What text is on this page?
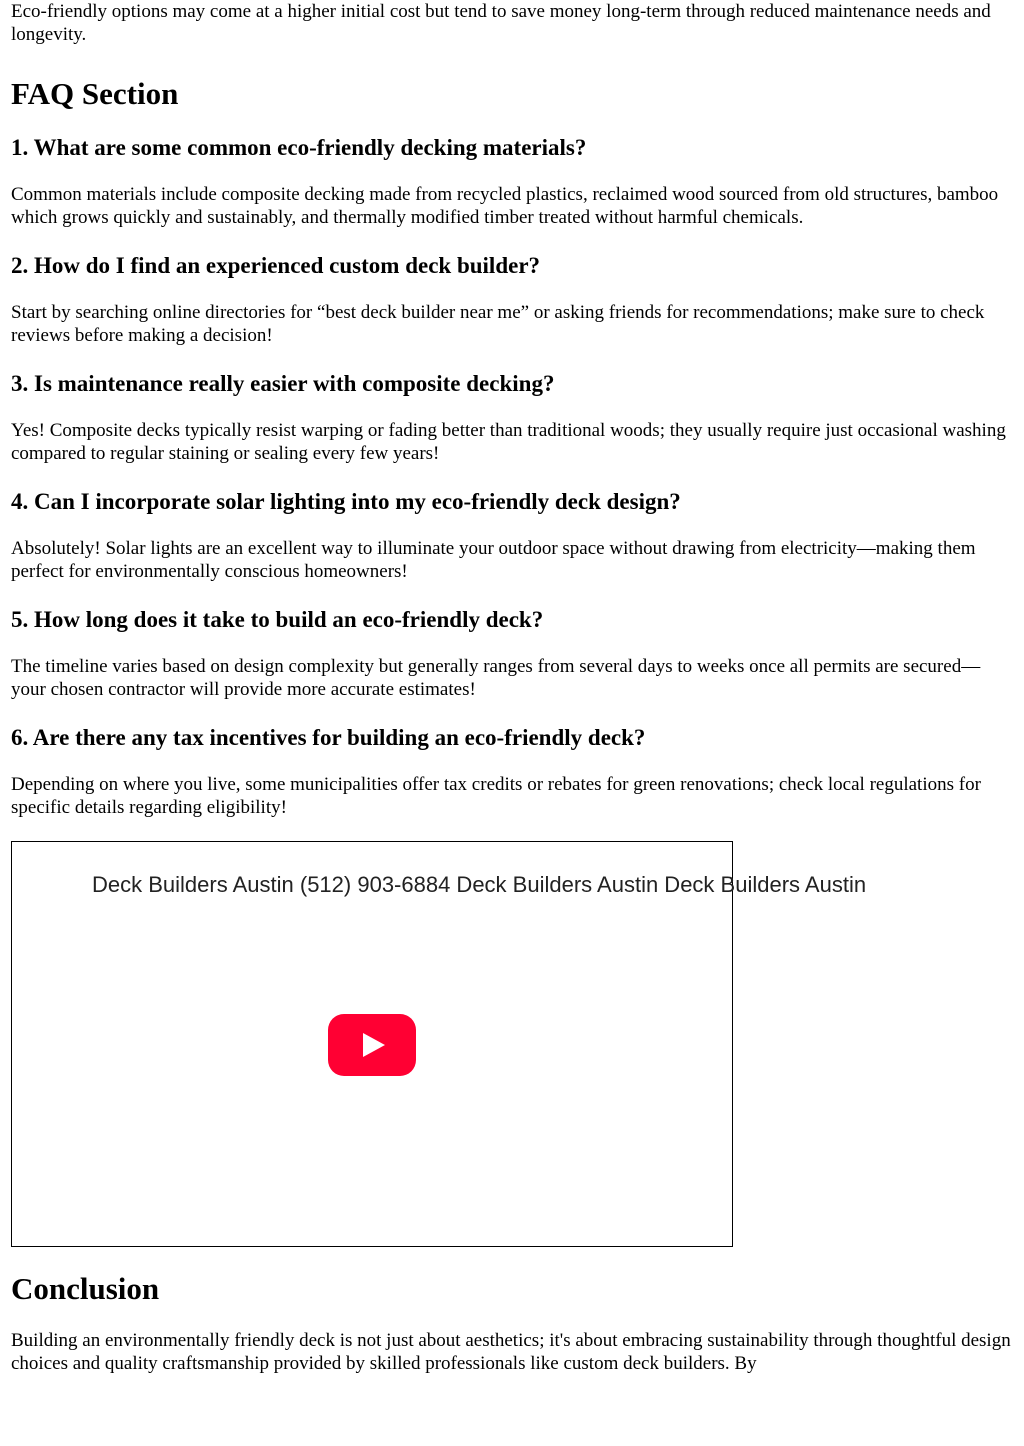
Eco-friendly options may come at a higher initial cost but tend to save money long-term through reduced maintenance needs and longevity.

FAQ Section
1. What are some common eco-friendly decking materials?

Common materials include composite decking made from recycled plastics, reclaimed wood sourced from old structures, bamboo which grows quickly and sustainably, and thermally modified timber treated without harmful chemicals.

2. How do I find an experienced custom deck builder?

Start by searching online directories for “best deck builder near me” or asking friends for recommendations; make sure to check reviews before making a decision!

3. Is maintenance really easier with composite decking?

Yes! Composite decks typically resist warping or fading better than traditional woods; they usually require just occasional washing compared to regular staining or sealing every few years!

4. Can I incorporate solar lighting into my eco-friendly deck design?

Absolutely! Solar lights are an excellent way to illuminate your outdoor space without drawing from electricity—making them perfect for environmentally conscious homeowners!

5. How long does it take to build an eco-friendly deck?

The timeline varies based on design complexity but generally ranges from several days to weeks once all permits are secured—your chosen contractor will provide more accurate estimates!

6. Are there any tax incentives for building an eco-friendly deck?

Depending on where you live, some municipalities offer tax credits or rebates for green renovations; check local regulations for specific details regarding eligibility!

Deck Builders Austin (512) 903-6884 Deck Builders Austin Deck Builders Austin
Conclusion

Building an environmentally friendly deck is not just about aesthetics; it's about embracing sustainability through thoughtful design choices and quality craftsmanship provided by skilled professionals like custom deck builders. By
